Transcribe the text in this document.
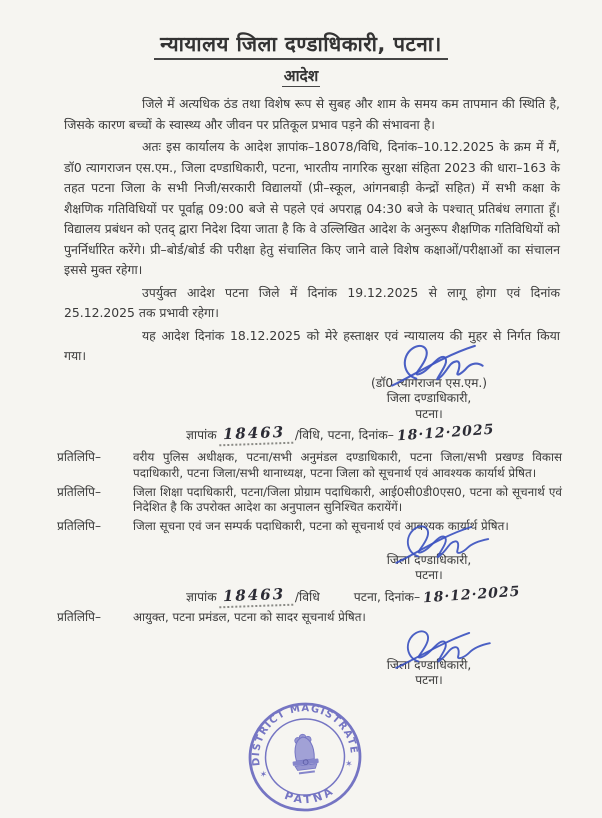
न्यायालय जिला दण्डाधिकारी, पटना।
आदेश

जिले में अत्यधिक ठंड तथा विशेष रूप से सुबह और शाम के समय कम तापमान की स्थिति है, जिसके कारण बच्चों के स्वास्थ्य और जीवन पर प्रतिकूल प्रभाव पड़ने की संभावना है।

अतः इस कार्यालय के आदेश ज्ञापांक–18078/विधि, दिनांक–10.12.2025 के क्रम में मैं, डॉ0 त्यागराजन एस.एम., जिला दण्डाधिकारी, पटना, भारतीय नागरिक सुरक्षा संहिता 2023 की धारा–163 के तहत पटना जिला के सभी निजी/सरकारी विद्यालयों (प्री–स्कूल, आंगनबाड़ी केन्द्रों सहित) में सभी कक्षा के शैक्षणिक गतिविधियों पर पूर्वाह्न 09:00 बजे से पहले एवं अपराह्न 04:30 बजे के पश्चात् प्रतिबंध लगाता हूँ। विद्यालय प्रबंधन को एतद् द्वारा निदेश दिया जाता है कि वे उल्लिखित आदेश के अनुरूप शैक्षणिक गतिविधियों को पुनर्निर्धारित करेंगे। प्री–बोर्ड/बोर्ड की परीक्षा हेतु संचालित किए जाने वाले विशेष कक्षाओं/परीक्षाओं का संचालन इससे मुक्त रहेगा।

उपर्युक्त आदेश पटना जिले में दिनांक 19.12.2025 से लागू होगा एवं दिनांक 25.12.2025 तक प्रभावी रहेगा।

यह आदेश दिनांक 18.12.2025 को मेरे हस्ताक्षर एवं न्यायालय की मुहर से निर्गत किया गया।

(डॉ0 त्यागराजन एस.एम.)
जिला दण्डाधिकारी,
पटना।
ज्ञापांक 18463 /विधि, पटना, दिनांक– 18·12·2025
प्रतिलिपि–	वरीय पुलिस अधीक्षक, पटना/सभी अनुमंडल दण्डाधिकारी, पटना जिला/सभी प्रखण्ड विकास पदाधिकारी, पटना जिला/सभी थानाध्यक्ष, पटना जिला को सूचनार्थ एवं आवश्यक कार्यार्थ प्रेषित।
प्रतिलिपि–	जिला शिक्षा पदाधिकारी, पटना/जिला प्रोग्राम पदाधिकारी, आई0सी0डी0एस0, पटना को सूचनार्थ एवं निदेशित है कि उपरोक्त आदेश का अनुपालन सुनिश्चित करायेंगें।
प्रतिलिपि–	जिला सूचना एवं जन सम्पर्क पदाधिकारी, पटना को सूचनार्थ एवं आवश्यक कार्यार्थ प्रेषित।
जिला दण्डाधिकारी,
पटना।
ज्ञापांक 18463 /विधि	पटना, दिनांक– 18·12·2025
प्रतिलिपि–	आयुक्त, पटना प्रमंडल, पटना को सादर सूचनार्थ प्रेषित।
जिला दण्डाधिकारी,
पटना।
DISTRICT MAGISTRATE
PATNA
✶
✶
